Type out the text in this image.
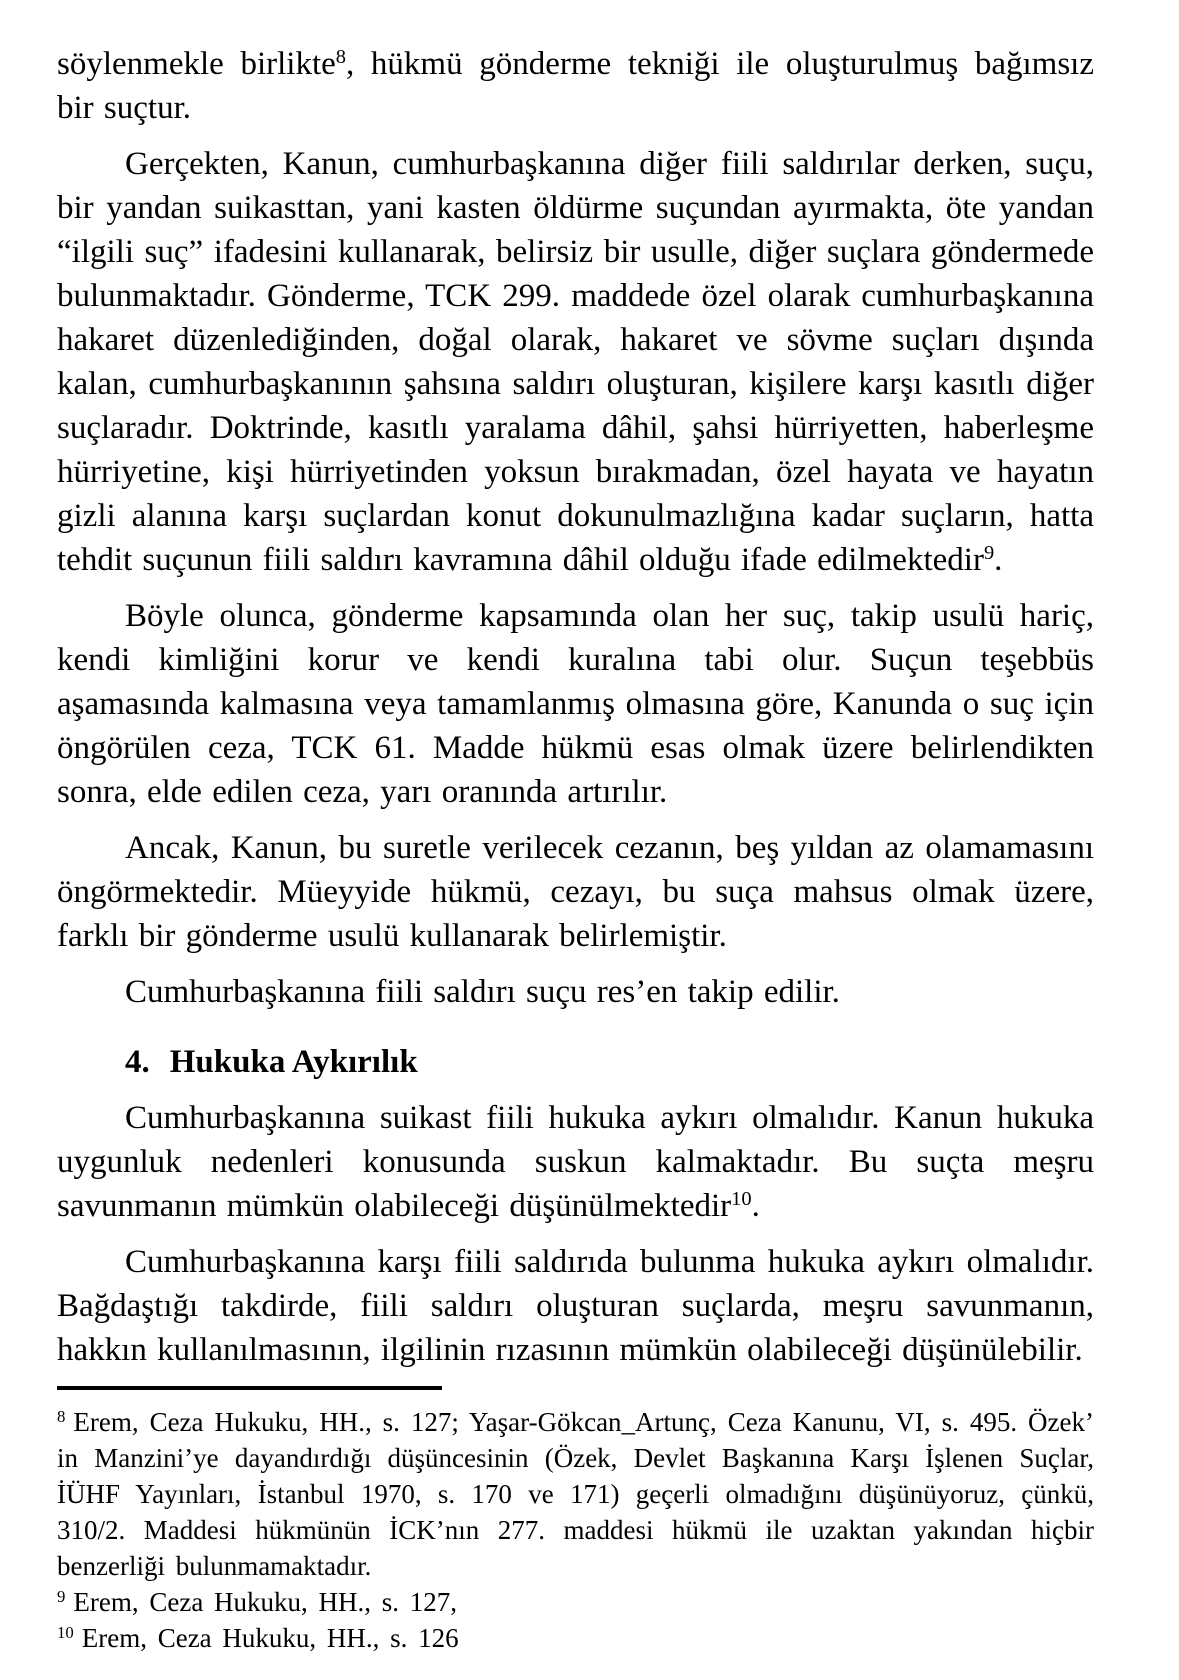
söylenmekle birlikte$^8$, hükmü gönderme tekniği ile oluşturulmuş bağımsız bir suçtur.

Gerçekten, Kanun, cumhurbaşkanına diğer fiili saldırılar derken, suçu, bir yandan suikasttan, yani kasten öldürme suçundan ayırmakta, öte yandan “ilgili suç” ifadesini kullanarak, belirsiz bir usulle, diğer suçlara göndermede bulunmaktadır. Gönderme, TCK 299. maddede özel olarak cumhurbaşkanına hakaret düzenlediğinden, doğal olarak, hakaret ve sövme suçları dışında kalan, cumhurbaşkanının şahsına saldırı oluşturan, kişilere karşı kasıtlı diğer suçlaradır. Doktrinde, kasıtlı yaralama dâhil, şahsi hürriyetten, haberleşme hürriyetine, kişi hürriyetinden yoksun bırakmadan, özel hayata ve hayatın gizli alanına karşı suçlardan konut dokunulmazlığına kadar suçların, hatta tehdit suçunun fiili saldırı kavramına dâhil olduğu ifade edilmektedir$^9$.

Böyle olunca, gönderme kapsamında olan her suç, takip usulü hariç, kendi kimliğini korur ve kendi kuralına tabi olur. Suçun teşebbüs aşamasında kalmasına veya tamamlanmış olmasına göre, Kanunda o suç için öngörülen ceza, TCK 61. Madde hükmü esas olmak üzere belirlendikten sonra, elde edilen ceza, yarı oranında artırılır.

Ancak, Kanun, bu suretle verilecek cezanın, beş yıldan az olamamasını öngörmektedir. Müeyyide hükmü, cezayı, bu suça mahsus olmak üzere, farklı bir gönderme usulü kullanarak belirlemiştir.

Cumhurbaşkanına fiili saldırı suçu res’en takip edilir.

4. Hukuka Aykırılık

Cumhurbaşkanına suikast fiili hukuka aykırı olmalıdır. Kanun hukuka uygunluk nedenleri konusunda suskun kalmaktadır. Bu suçta meşru savunmanın mümkün olabileceği düşünülmektedir$^{10}$.

Cumhurbaşkanına karşı fiili saldırıda bulunma hukuka aykırı olmalıdır. Bağdaştığı takdirde, fiili saldırı oluşturan suçlarda, meşru savunmanın, hakkın kullanılmasının, ilgilinin rızasının mümkün olabileceği düşünülebilir.

$^8$ Erem, Ceza Hukuku, HH., s. 127; Yaşar-Gökcan_Artunç, Ceza Kanunu, VI, s. 495. Özek’ in Manzini’ye dayandırdığı düşüncesinin (Özek, Devlet Başkanına Karşı İşlenen Suçlar, İÜHF Yayınları, İstanbul 1970, s. 170 ve 171) geçerli olmadığını düşünüyoruz, çünkü, 310/2. Maddesi hükmünün İCK’nın 277. maddesi hükmü ile uzaktan yakından hiçbir benzerliği bulunmamaktadır.
$^9$ Erem, Ceza Hukuku, HH., s. 127,
$^{10}$ Erem, Ceza Hukuku, HH., s. 126
